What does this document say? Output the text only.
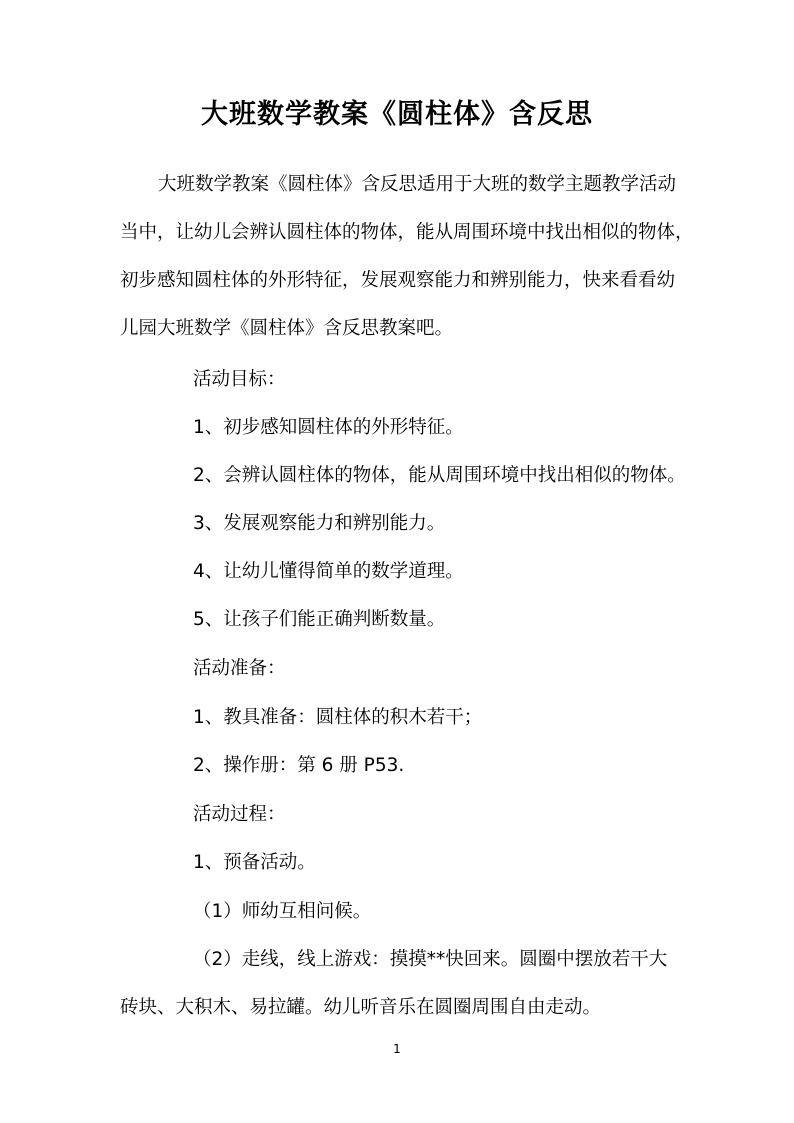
大班数学教案《圆柱体》含反思
大班数学教案《圆柱体》含反思适用于大班的数学主题教学活动
当中，让幼儿会辨认圆柱体的物体，能从周围环境中找出相似的物体，
初步感知圆柱体的外形特征，发展观察能力和辨别能力，快来看看幼
儿园大班数学《圆柱体》含反思教案吧。
活动目标：
1、初步感知圆柱体的外形特征。
2、会辨认圆柱体的物体，能从周围环境中找出相似的物体。
3、发展观察能力和辨别能力。
4、让幼儿懂得简单的数学道理。
5、让孩子们能正确判断数量。
活动准备：
1、教具准备：圆柱体的积木若干；
2、操作册：第 6 册 P53.
活动过程：
1、预备活动。
（1）师幼互相问候。
（2）走线，线上游戏：摸摸**快回来。圆圈中摆放若干大
砖块、大积木、易拉罐。幼儿听音乐在圆圈周围自由走动。
1
